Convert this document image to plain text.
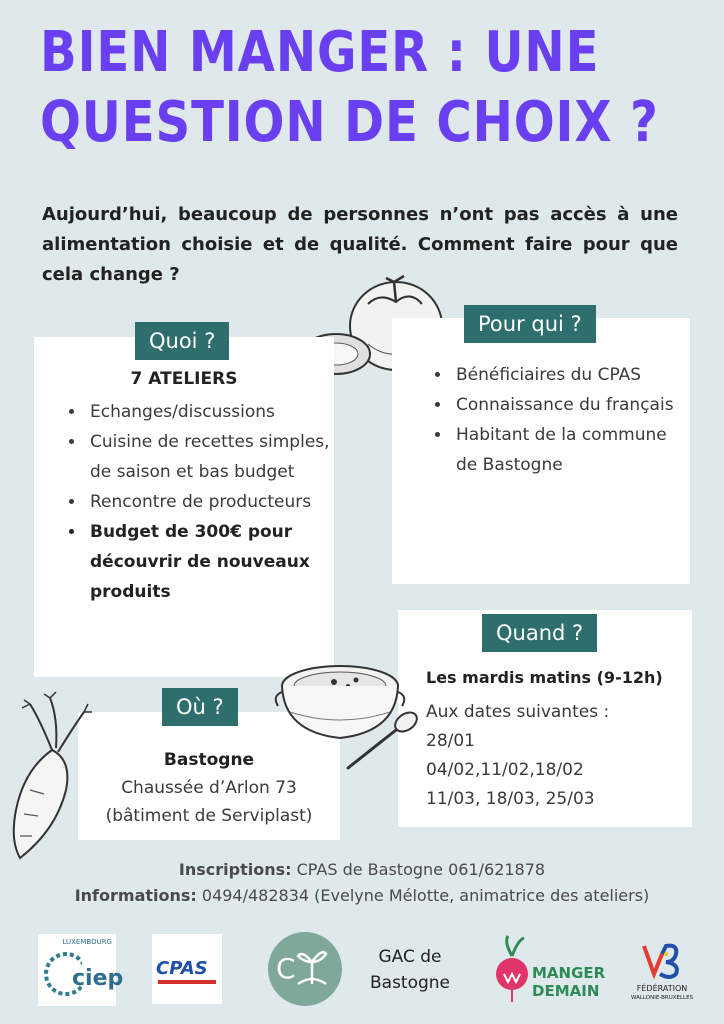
BIEN MANGER : UNE
QUESTION DE CHOIX ?
Aujourd’hui, beaucoup de personnes n’ont pas accès à une alimentation choisie et de qualité. Comment faire pour que cela change ?
Quoi ?
7 ATELIERS
• Echanges/discussions
• Cuisine de recettes simples, de saison et bas budget
• Rencontre de producteurs
• Budget de 300€ pour découvrir de nouveaux produits
Pour qui ?
• Bénéficiaires du CPAS
• Connaissance du français
• Habitant de la commune de Bastogne
Où ?
Bastogne
Chaussée d’Arlon 73
(bâtiment de Serviplast)
Quand ?
Les mardis matins (9-12h)
Aux dates suivantes :
28/01
04/02,11/02,18/02
11/03, 18/03, 25/03
Inscriptions: CPAS de Bastogne 061/621878
Informations: 0494/482834 (Evelyne Mélotte, animatrice des ateliers)
LUXEMBOURG
ciep CPAS C	GAC de
Bastogne	MANGER
DEMAIN	FÉDÉRATION
WALLONIE-BRUXELLES
